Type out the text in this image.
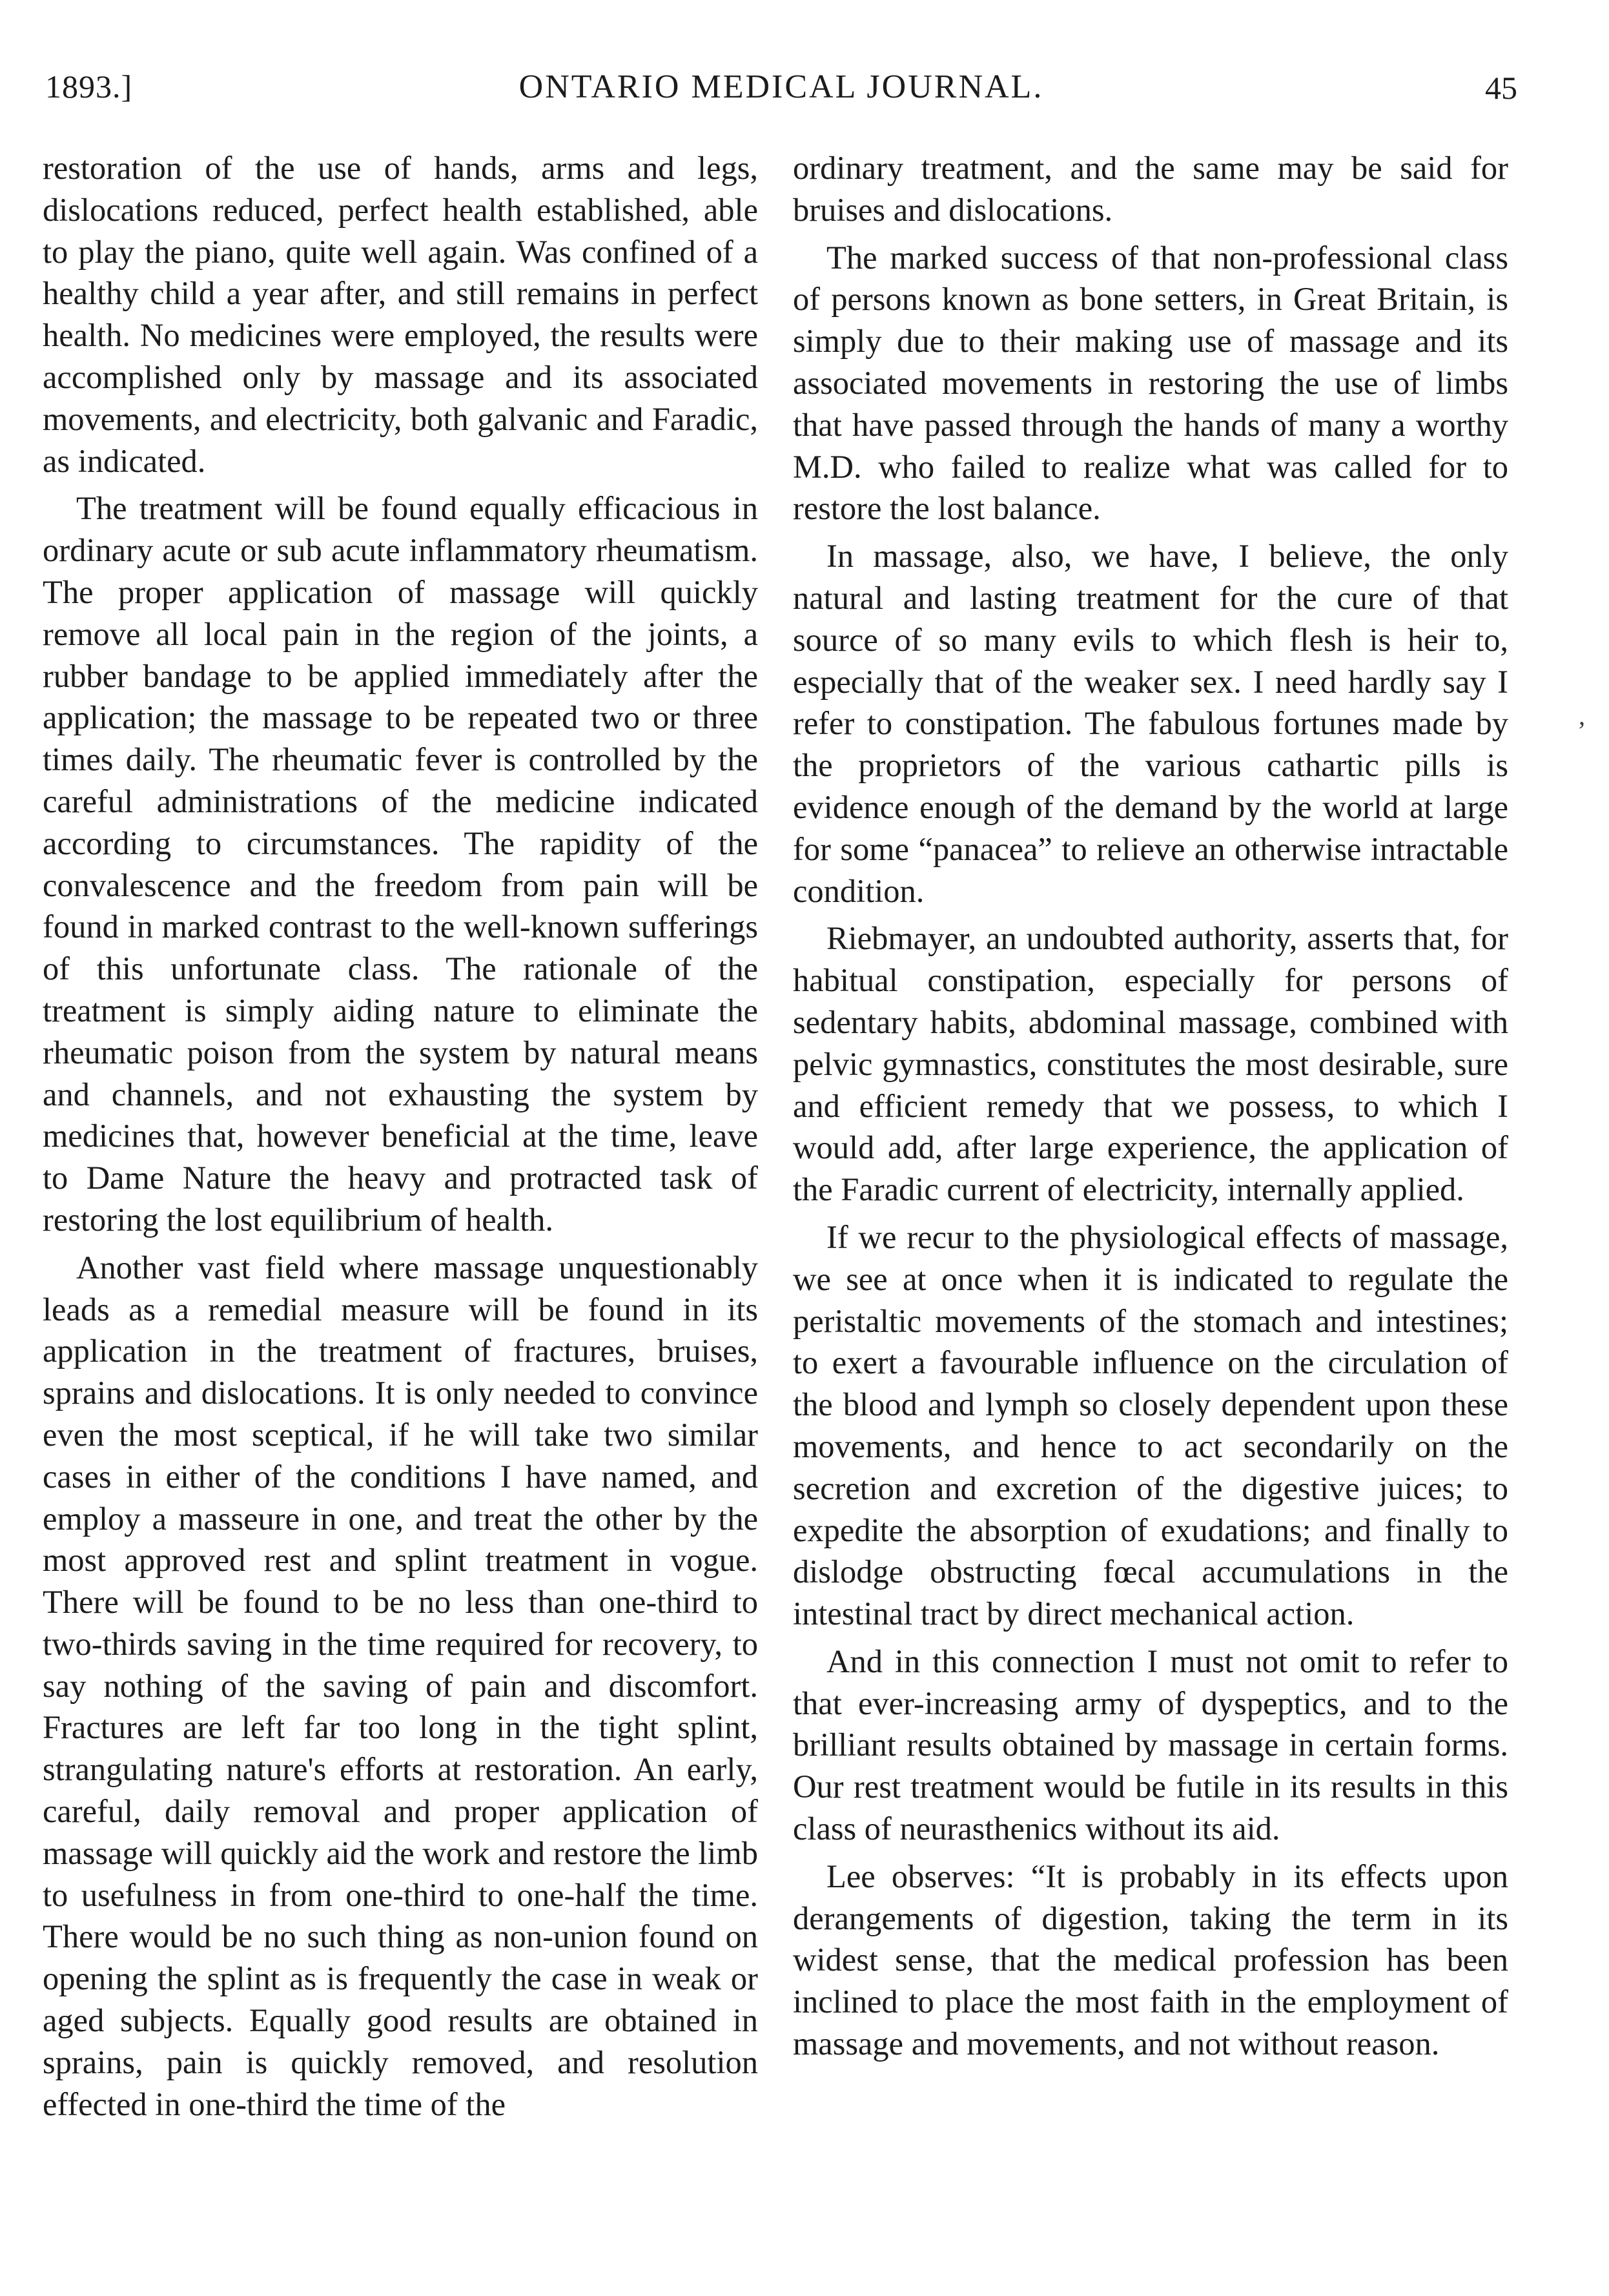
1893.]	ONTARIO MEDICAL JOURNAL.	45

restoration of the use of hands, arms and legs, dislocations reduced, perfect health established, able to play the piano, quite well again. Was confined of a healthy child a year after, and still remains in perfect health. No medicines were employed, the results were accomplished only by massage and its associated movements, and electricity, both galvanic and Faradic, as indicated.

The treatment will be found equally efficacious in ordinary acute or sub acute inflammatory rheumatism. The proper application of massage will quickly remove all local pain in the region of the joints, a rubber bandage to be applied immediately after the application; the massage to be repeated two or three times daily. The rheumatic fever is controlled by the careful administrations of the medicine indicated according to circumstances. The rapidity of the convalescence and the freedom from pain will be found in marked contrast to the well-known sufferings of this unfortunate class. The rationale of the treatment is simply aiding nature to eliminate the rheumatic poison from the system by natural means and channels, and not exhausting the system by medicines that, however beneficial at the time, leave to Dame Nature the heavy and protracted task of restoring the lost equilibrium of health.

Another vast field where massage unquestionably leads as a remedial measure will be found in its application in the treatment of fractures, bruises, sprains and dislocations. It is only needed to convince even the most sceptical, if he will take two similar cases in either of the conditions I have named, and employ a masseure in one, and treat the other by the most approved rest and splint treatment in vogue. There will be found to be no less than one-third to two-thirds saving in the time required for recovery, to say nothing of the saving of pain and discomfort. Fractures are left far too long in the tight splint, strangulating nature's efforts at restoration. An early, careful, daily removal and proper application of massage will quickly aid the work and restore the limb to usefulness in from one-third to one-half the time. There would be no such thing as non-union found on opening the splint as is frequently the case in weak or aged subjects. Equally good results are obtained in sprains, pain is quickly removed, and resolution effected in one-third the time of the

ordinary treatment, and the same may be said for bruises and dislocations.

The marked success of that non-professional class of persons known as bone setters, in Great Britain, is simply due to their making use of massage and its associated movements in restoring the use of limbs that have passed through the hands of many a worthy M.D. who failed to realize what was called for to restore the lost balance.

In massage, also, we have, I believe, the only natural and lasting treatment for the cure of that source of so many evils to which flesh is heir to, especially that of the weaker sex. I need hardly say I refer to constipation. The fabulous fortunes made by the proprietors of the various cathartic pills is evidence enough of the demand by the world at large for some “panacea” to relieve an otherwise intractable condition.

Riebmayer, an undoubted authority, asserts that, for habitual constipation, especially for persons of sedentary habits, abdominal massage, combined with pelvic gymnastics, constitutes the most desirable, sure and efficient remedy that we possess, to which I would add, after large experience, the application of the Faradic current of electricity, internally applied.

If we recur to the physiological effects of massage, we see at once when it is indicated to regulate the peristaltic movements of the stomach and intestines; to exert a favourable influence on the circulation of the blood and lymph so closely dependent upon these movements, and hence to act secondarily on the secretion and excretion of the digestive juices; to expedite the absorption of exudations; and finally to dislodge obstructing fœcal accumulations in the intestinal tract by direct mechanical action.

And in this connection I must not omit to refer to that ever-increasing army of dyspeptics, and to the brilliant results obtained by massage in certain forms. Our rest treatment would be futile in its results in this class of neurasthenics without its aid.

Lee observes: “It is probably in its effects upon derangements of digestion, taking the term in its widest sense, that the medical profession has been inclined to place the most faith in the employment of massage and movements, and not without reason.

,
